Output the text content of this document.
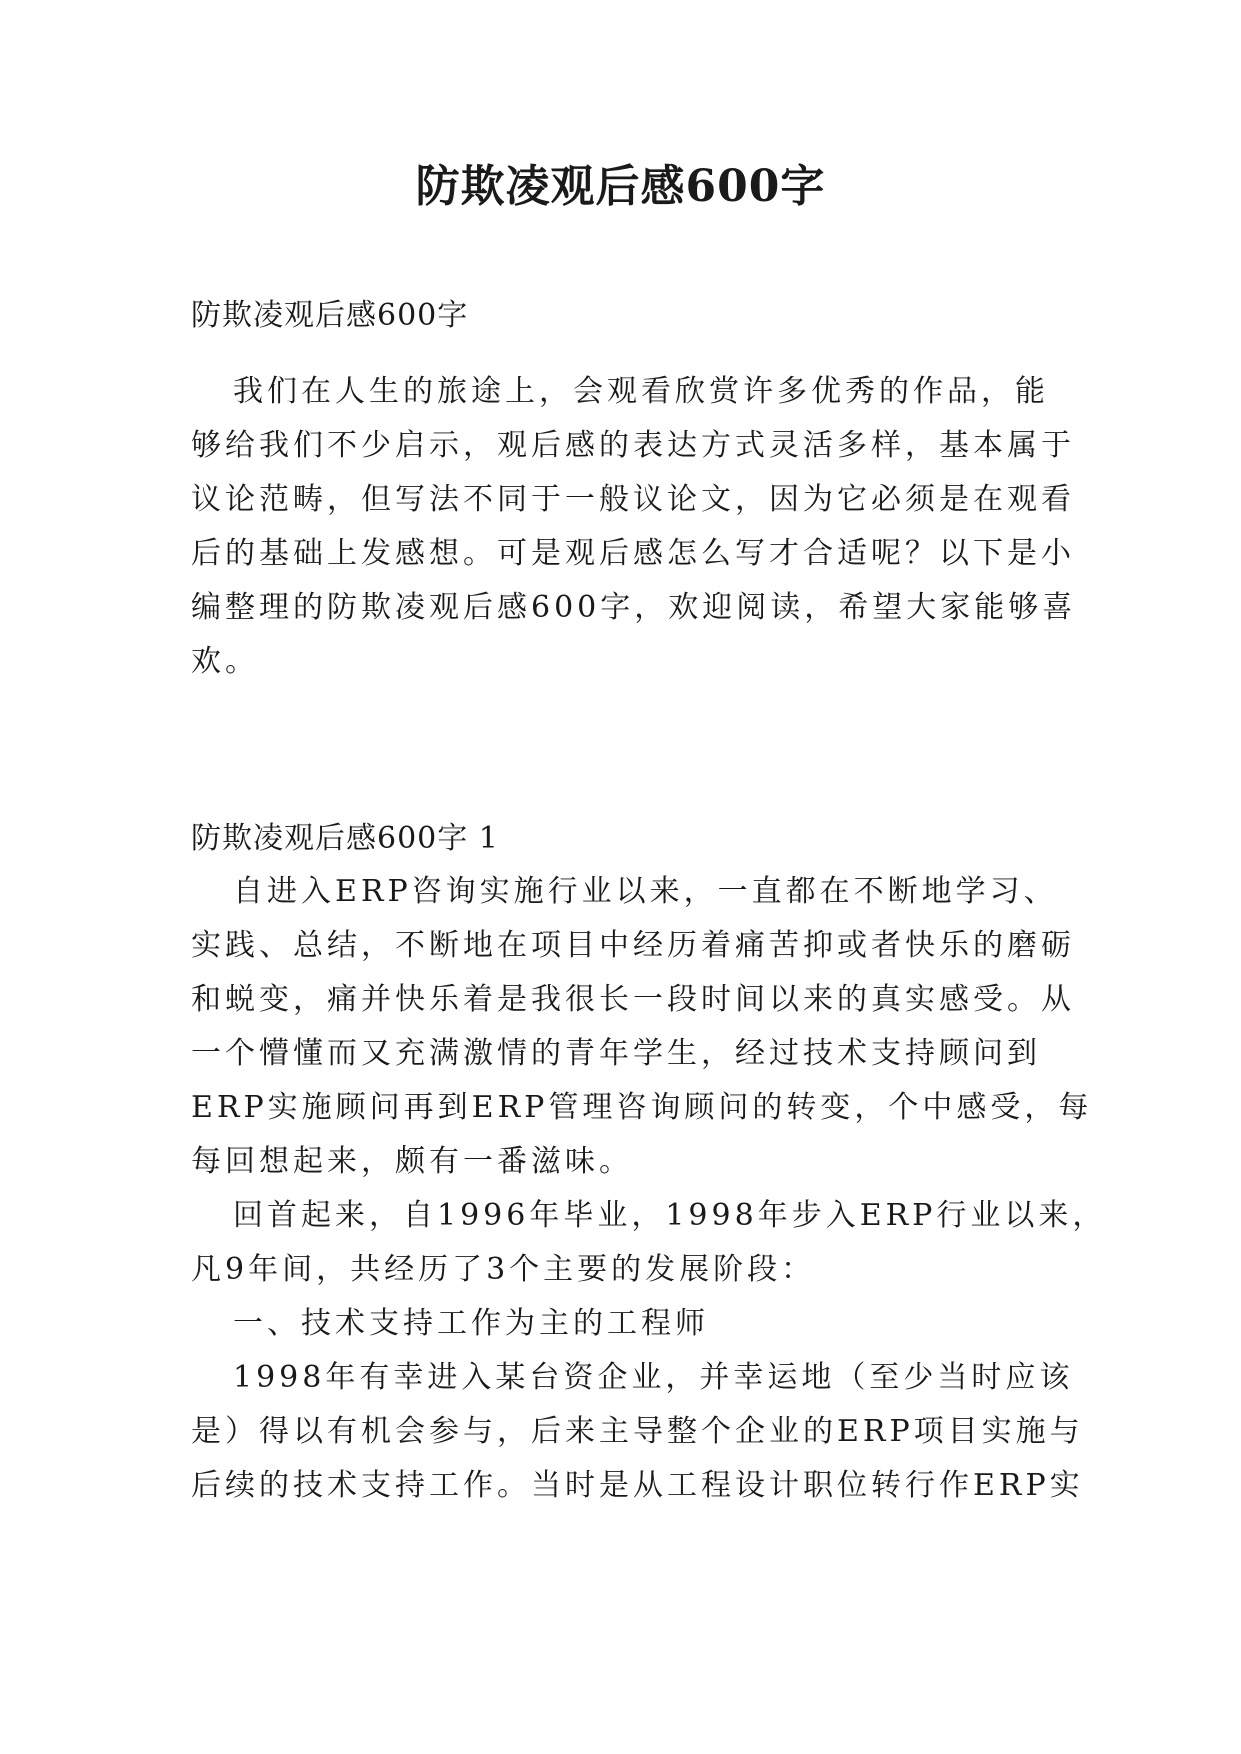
防欺凌观后感600字
防欺凌观后感600字
我们在人生的旅途上，会观看欣赏许多优秀的作品，能
够给我们不少启示，观后感的表达方式灵活多样，基本属于
议论范畴，但写法不同于一般议论文，因为它必须是在观看
后的基础上发感想。可是观后感怎么写才合适呢？以下是小
编整理的防欺凌观后感600字，欢迎阅读，希望大家能够喜
欢。
防欺凌观后感600字 1
自进入ERP咨询实施行业以来，一直都在不断地学习、
实践、总结，不断地在项目中经历着痛苦抑或者快乐的磨砺
和蜕变，痛并快乐着是我很长一段时间以来的真实感受。从
一个懵懂而又充满激情的青年学生，经过技术支持顾问到
ERP实施顾问再到ERP管理咨询顾问的转变，个中感受，每
每回想起来，颇有一番滋味。
回首起来，自1996年毕业，1998年步入ERP行业以来，
凡9年间，共经历了3个主要的发展阶段：
一、技术支持工作为主的工程师
1998年有幸进入某台资企业，并幸运地（至少当时应该
是）得以有机会参与，后来主导整个企业的ERP项目实施与
后续的技术支持工作。当时是从工程设计职位转行作ERP实
